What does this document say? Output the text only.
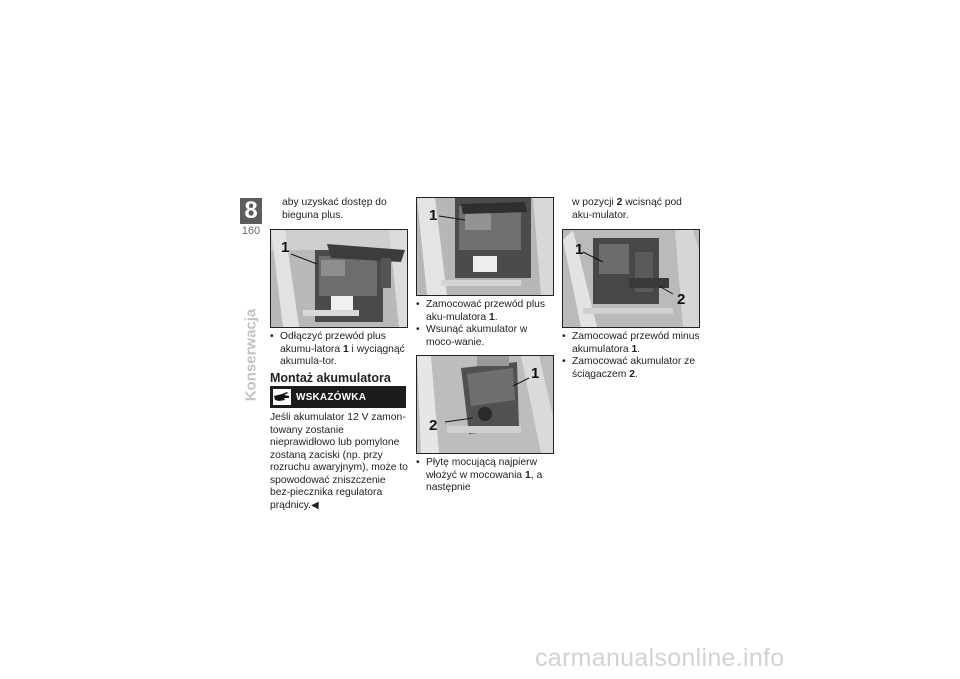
8
160
Konserwacja
aby uzyskać dostęp do bieguna plus.
1
• Odłączyć przewód plus akumu-latora 1 i wyciągnąć akumula-tor.
Montaż akumulatora
WSKAZÓWKA
Jeśli akumulator 12 V zamon-towany zostanie nieprawidłowo lub pomylone zostaną zaciski (np. przy rozruchu awaryjnym), może to spowodować zniszczenie bez-piecznika regulatora prądnicy.◀
1
• Zamocować przewód plus aku-mulatora 1.
• Wsunąć akumulator w moco-wanie.
1
2
• Płytę mocującą najpierw włożyć w mocowania 1, a następnie
w pozycji 2 wcisnąć pod aku-mulator.
1
2
• Zamocować przewód minus akumulatora 1.
• Zamocować akumulator ze ściągaczem 2.
carmanualsonline.info
